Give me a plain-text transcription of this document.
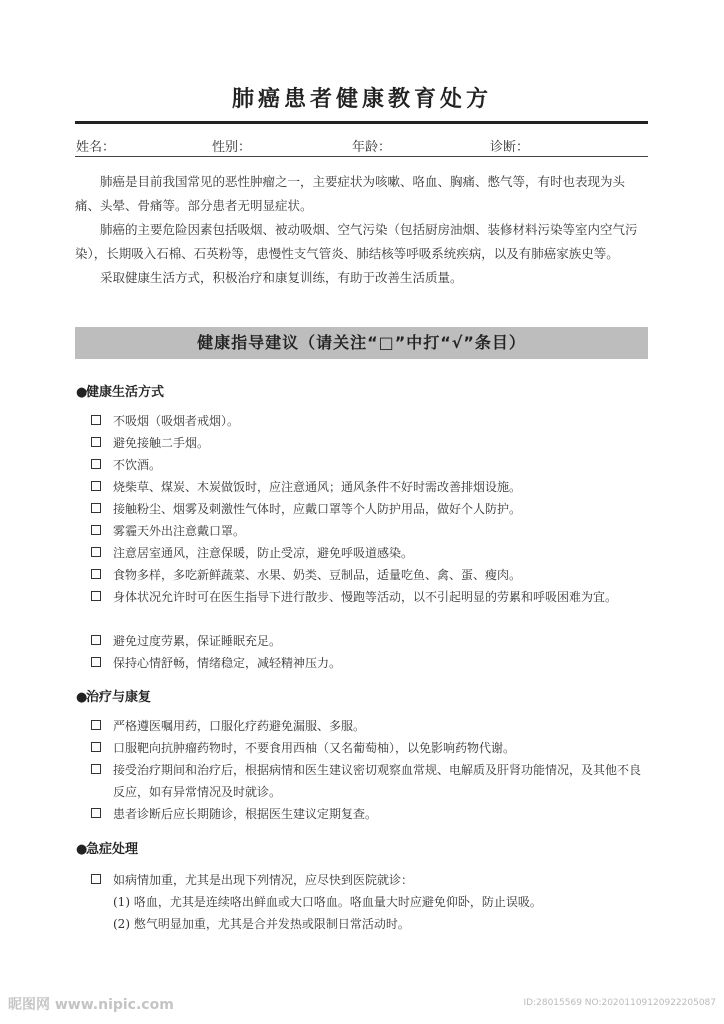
肺癌患者健康教育处方
姓名：	性别：	年龄：	诊断：

肺癌是目前我国常见的恶性肿瘤之一，主要症状为咳嗽、咯血、胸痛、憋气等，有时也表现为头痛、头晕、骨痛等。部分患者无明显症状。

肺癌的主要危险因素包括吸烟、被动吸烟、空气污染（包括厨房油烟、装修材料污染等室内空气污染），长期吸入石棉、石英粉等，患慢性支气管炎、肺结核等呼吸系统疾病，以及有肺癌家族史等。

采取健康生活方式，积极治疗和康复训练，有助于改善生活质量。

健康指导建议（请关注“□”中打“√”条目）
●健康生活方式
不吸烟（吸烟者戒烟）。
避免接触二手烟。
不饮酒。
烧柴草、煤炭、木炭做饭时，应注意通风；通风条件不好时需改善排烟设施。
接触粉尘、烟雾及刺激性气体时，应戴口罩等个人防护用品，做好个人防护。
雾霾天外出注意戴口罩。
注意居室通风，注意保暖，防止受凉，避免呼吸道感染。
食物多样，多吃新鲜蔬菜、水果、奶类、豆制品，适量吃鱼、禽、蛋、瘦肉。
身体状况允许时可在医生指导下进行散步、慢跑等活动，以不引起明显的劳累和呼吸困难为宜。
避免过度劳累，保证睡眠充足。
保持心情舒畅，情绪稳定，减轻精神压力。
●治疗与康复
严格遵医嘱用药，口服化疗药避免漏服、多服。
口服靶向抗肿瘤药物时，不要食用西柚（又名葡萄柚），以免影响药物代谢。
接受治疗期间和治疗后，根据病情和医生建议密切观察血常规、电解质及肝肾功能情况，及其他不良反应，如有异常情况及时就诊。
患者诊断后应长期随诊，根据医生建议定期复查。
●急症处理
如病情加重，尤其是出现下列情况，应尽快到医院就诊：
(1) 咯血，尤其是连续咯出鲜血或大口咯血。咯血量大时应避免仰卧，防止误吸。
(2) 憋气明显加重，尤其是合并发热或限制日常活动时。
昵图网 www.nipic.com	ID:28015569 NO:20201109120922205087
